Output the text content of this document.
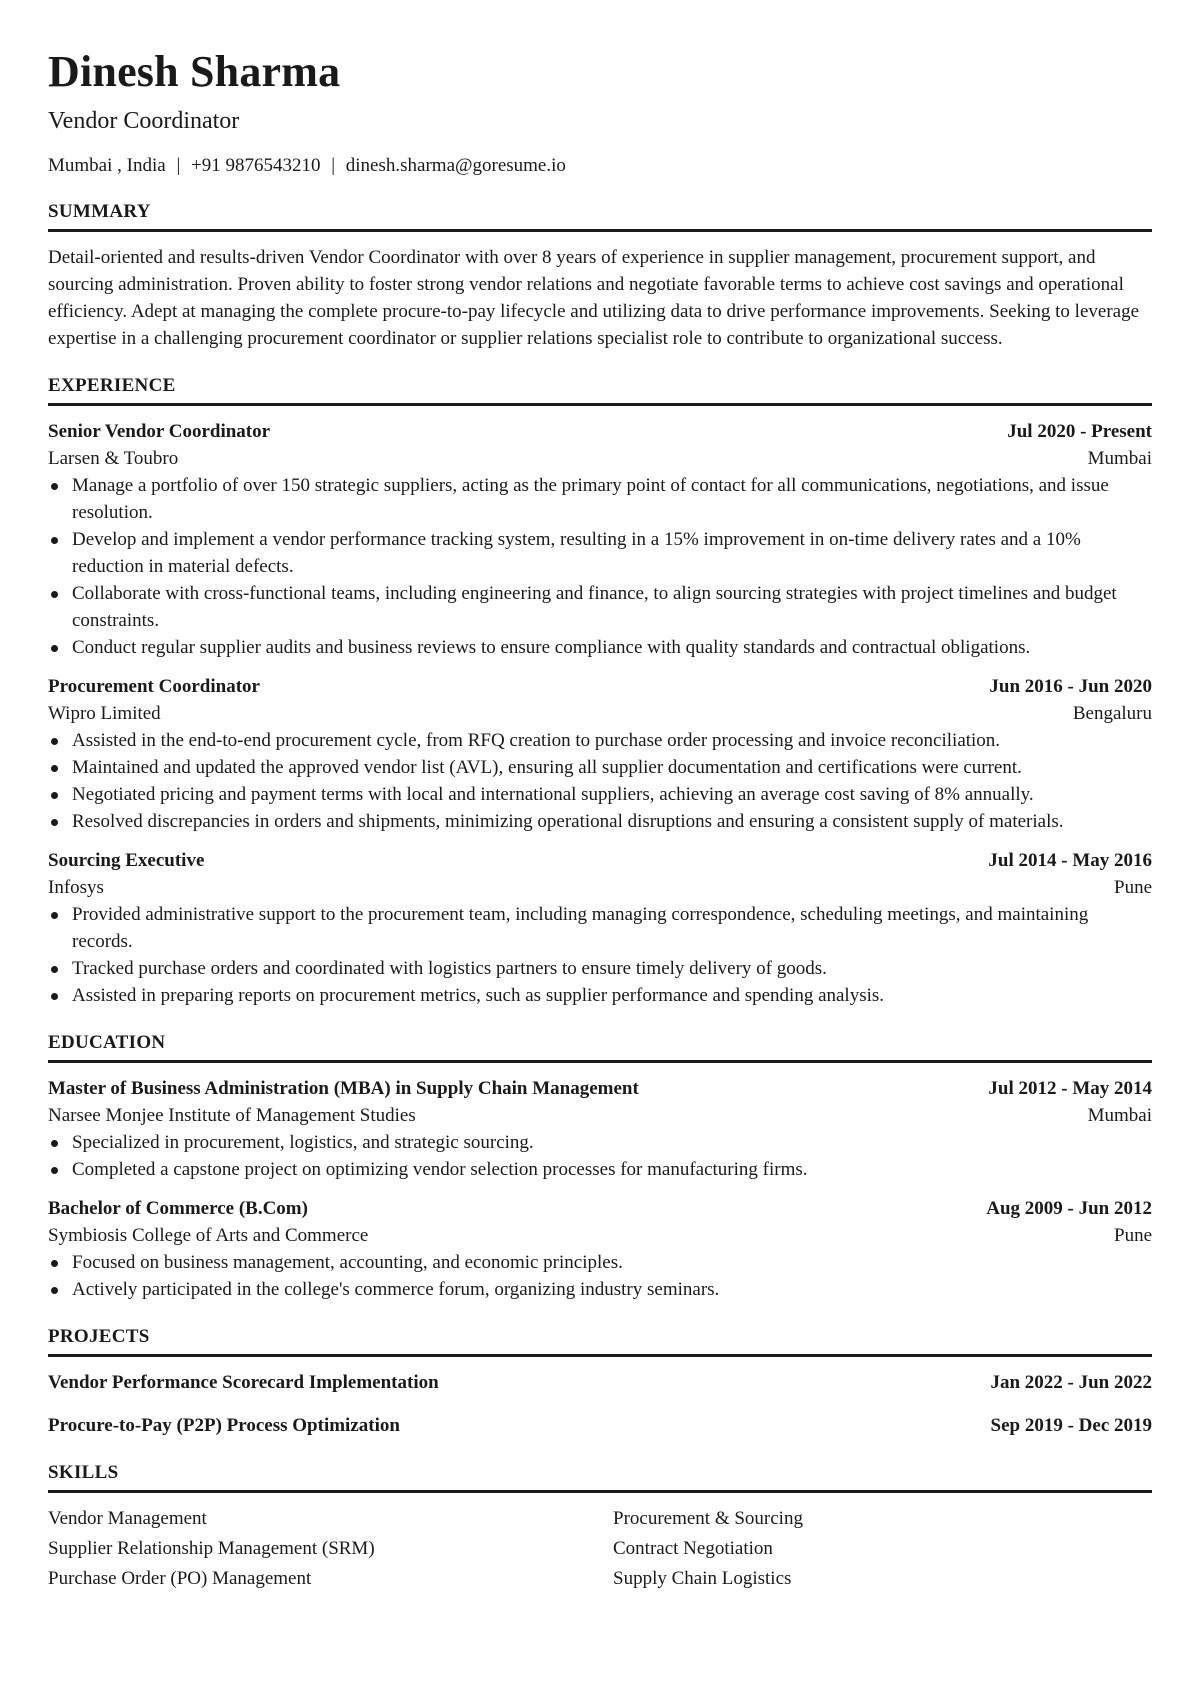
Dinesh Sharma
Vendor Coordinator
Mumbai , India | +91 9876543210 | dinesh.sharma@goresume.io
SUMMARY

Detail-oriented and results-driven Vendor Coordinator with over 8 years of experience in supplier management, procurement support, and sourcing administration. Proven ability to foster strong vendor relations and negotiate favorable terms to achieve cost savings and operational efficiency. Adept at managing the complete procure-to-pay lifecycle and utilizing data to drive performance improvements. Seeking to leverage expertise in a challenging procurement coordinator or supplier relations specialist role to contribute to organizational success.

EXPERIENCE
Senior Vendor Coordinator	Jul 2020 - Present
Larsen & Toubro	Mumbai
Manage a portfolio of over 150 strategic suppliers, acting as the primary point of contact for all communications, negotiations, and issue resolution.
Develop and implement a vendor performance tracking system, resulting in a 15% improvement in on-time delivery rates and a 10% reduction in material defects.
Collaborate with cross-functional teams, including engineering and finance, to align sourcing strategies with project timelines and budget constraints.
Conduct regular supplier audits and business reviews to ensure compliance with quality standards and contractual obligations.
Procurement Coordinator	Jun 2016 - Jun 2020
Wipro Limited	Bengaluru
Assisted in the end-to-end procurement cycle, from RFQ creation to purchase order processing and invoice reconciliation.
Maintained and updated the approved vendor list (AVL), ensuring all supplier documentation and certifications were current.
Negotiated pricing and payment terms with local and international suppliers, achieving an average cost saving of 8% annually.
Resolved discrepancies in orders and shipments, minimizing operational disruptions and ensuring a consistent supply of materials.
Sourcing Executive	Jul 2014 - May 2016
Infosys	Pune
Provided administrative support to the procurement team, including managing correspondence, scheduling meetings, and maintaining records.
Tracked purchase orders and coordinated with logistics partners to ensure timely delivery of goods.
Assisted in preparing reports on procurement metrics, such as supplier performance and spending analysis.
EDUCATION
Master of Business Administration (MBA) in Supply Chain Management	Jul 2012 - May 2014
Narsee Monjee Institute of Management Studies	Mumbai
Specialized in procurement, logistics, and strategic sourcing.
Completed a capstone project on optimizing vendor selection processes for manufacturing firms.
Bachelor of Commerce (B.Com)	Aug 2009 - Jun 2012
Symbiosis College of Arts and Commerce	Pune
Focused on business management, accounting, and economic principles.
Actively participated in the college's commerce forum, organizing industry seminars.
PROJECTS
Vendor Performance Scorecard Implementation	Jan 2022 - Jun 2022
Procure-to-Pay (P2P) Process Optimization	Sep 2019 - Dec 2019
SKILLS
Vendor Management	Procurement & Sourcing
Supplier Relationship Management (SRM)	Contract Negotiation
Purchase Order (PO) Management	Supply Chain Logistics
